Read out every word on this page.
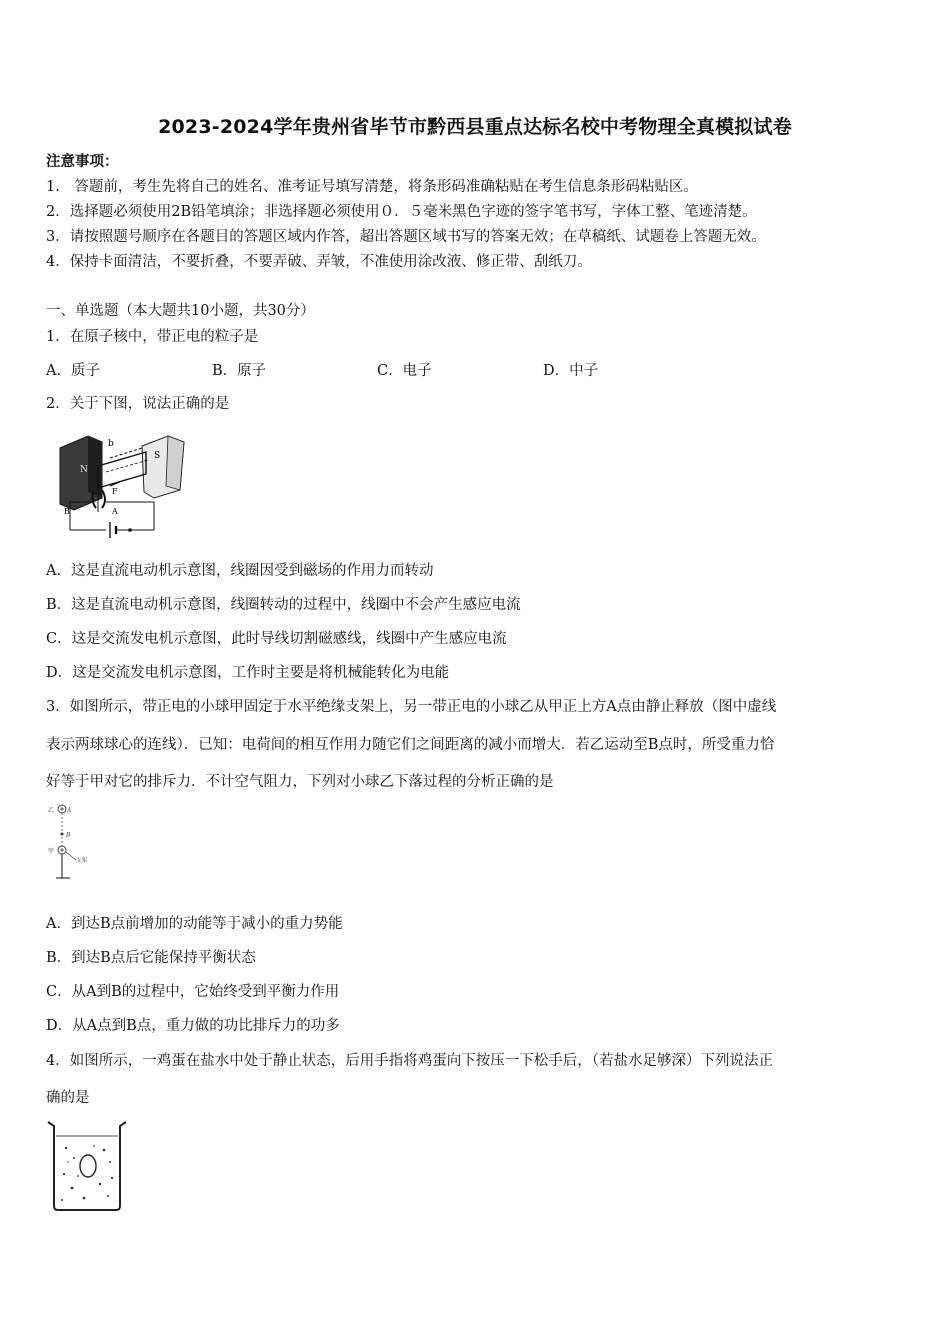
2023-2024学年贵州省毕节市黔西县重点达标名校中考物理全真模拟试卷
注意事项：
1.　答题前，考生先将自己的姓名、准考证号填写清楚，将条形码准确粘贴在考生信息条形码粘贴区。
2．选择题必须使用2B铅笔填涂；非选择题必须使用０．５毫米黑色字迹的签字笔书写，字体工整、笔迹清楚。
3．请按照题号顺序在各题目的答题区域内作答，超出答题区域书写的答案无效；在草稿纸、试题卷上答题无效。
4．保持卡面清洁，不要折叠，不要弄破、弄皱，不准使用涂改液、修正带、刮纸刀。
一、单选题（本大题共10小题，共30分）
1．在原子核中，带正电的粒子是
A．质子	B．原子	C．电子	D．中子
2．关于下图，说法正确的是
b
S
N
F
B	A
A．这是直流电动机示意图，线圈因受到磁场的作用力而转动
B．这是直流电动机示意图，线圈转动的过程中，线圈中不会产生感应电流
C．这是交流发电机示意图，此时导线切割磁感线，线圈中产生感应电流
D．这是交流发电机示意图，工作时主要是将机械能转化为电能
3．如图所示，带正电的小球甲固定于水平绝缘支架上，另一带正电的小球乙从甲正上方A点由静止释放（图中虚线
表示两球球心的连线）．已知：电荷间的相互作用力随它们之间距离的减小而增大．若乙运动至B点时，所受重力恰
好等于甲对它的排斥力．不计空气阻力，下列对小球乙下落过程的分析正确的是
乙 A
B
甲
支架
A．到达B点前增加的动能等于减小的重力势能
B．到达B点后它能保持平衡状态
C．从A到B的过程中，它始终受到平衡力作用
D．从A点到B点，重力做的功比排斥力的功多
4．如图所示，一鸡蛋在盐水中处于静止状态，后用手指将鸡蛋向下按压一下松手后，（若盐水足够深）下列说法正
确的是
